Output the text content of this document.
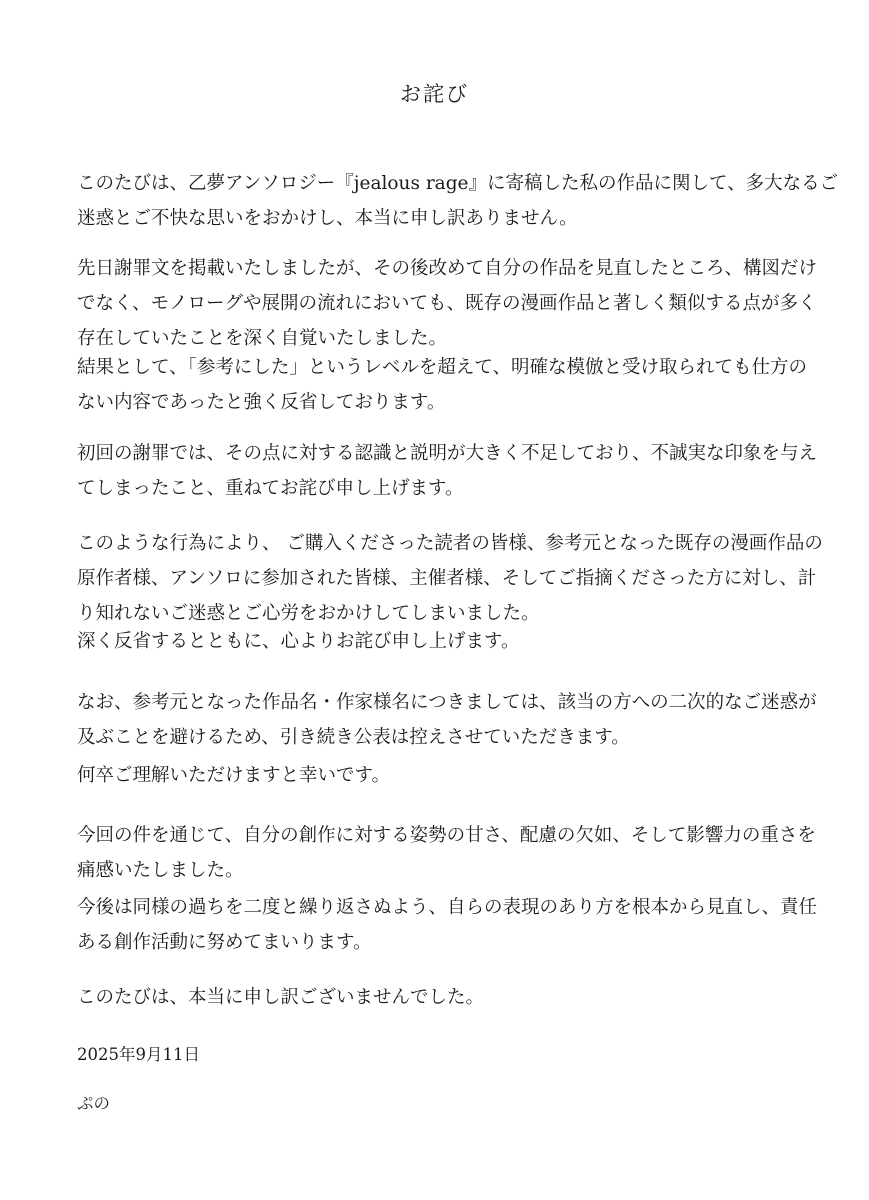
お詫び

このたびは、乙夢アンソロジー『jealous rage』に寄稿した私の作品に関して、多大なるご
迷惑とご不快な思いをおかけし、本当に申し訳ありません。

先日謝罪文を掲載いたしましたが、その後改めて自分の作品を見直したところ、構図だけ
でなく、モノローグや展開の流れにおいても、既存の漫画作品と著しく類似する点が多く
存在していたことを深く自覚いたしました。

結果として、「参考にした」というレベルを超えて、明確な模倣と受け取られても仕方の
ない内容であったと強く反省しております。

初回の謝罪では、その点に対する認識と説明が大きく不足しており、不誠実な印象を与え
てしまったこと、重ねてお詫び申し上げます。

このような行為により、 ご購入くださった読者の皆様、参考元となった既存の漫画作品の
原作者様、アンソロに参加された皆様、主催者様、そしてご指摘くださった方に対し、計
り知れないご迷惑とご心労をおかけしてしまいました。

深く反省するとともに、心よりお詫び申し上げます。

なお、参考元となった作品名・作家様名につきましては、該当の方への二次的なご迷惑が
及ぶことを避けるため、引き続き公表は控えさせていただきます。

何卒ご理解いただけますと幸いです。

今回の件を通じて、自分の創作に対する姿勢の甘さ、配慮の欠如、そして影響力の重さを
痛感いたしました。

今後は同様の過ちを二度と繰り返さぬよう、自らの表現のあり方を根本から見直し、責任
ある創作活動に努めてまいります。

このたびは、本当に申し訳ございませんでした。

2025年9月11日

ぷの
